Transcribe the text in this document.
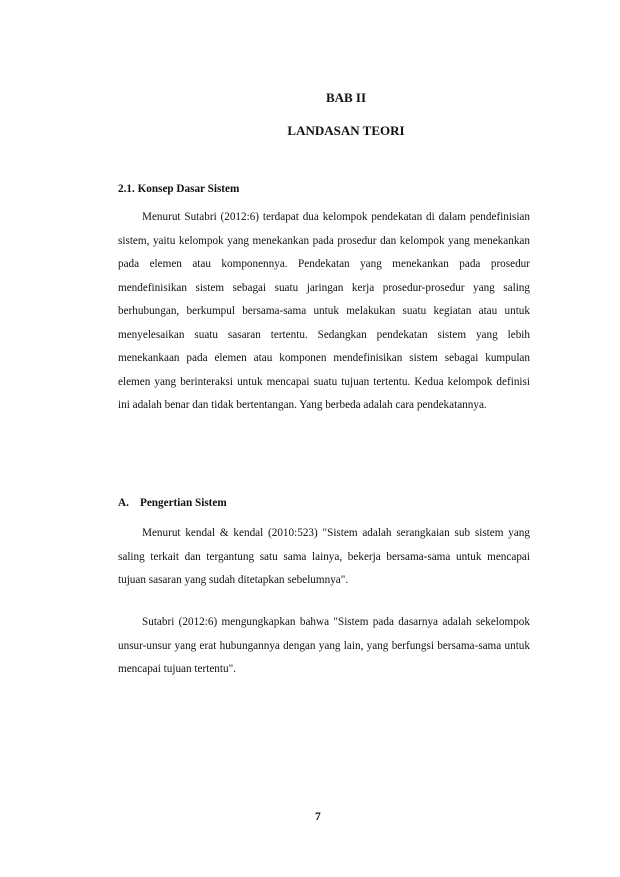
BAB II

LANDASAN TEORI

2.1. Konsep Dasar Sistem

Menurut Sutabri (2012:6) terdapat dua kelompok pendekatan di dalam pendefinisian sistem, yaitu kelompok yang menekankan pada prosedur dan kelompok yang menekankan pada elemen atau komponennya. Pendekatan yang menekankan pada prosedur mendefinisikan sistem sebagai suatu jaringan kerja prosedur-prosedur yang saling berhubungan, berkumpul bersama-sama untuk melakukan suatu kegiatan atau untuk menyelesaikan suatu sasaran tertentu. Sedangkan pendekatan sistem yang lebih menekankaan pada elemen atau komponen mendefinisikan sistem sebagai kumpulan elemen yang berinteraksi untuk mencapai suatu tujuan tertentu. Kedua kelompok definisi ini adalah benar dan tidak bertentangan. Yang berbeda adalah cara pendekatannya.

A. Pengertian Sistem

Menurut kendal & kendal (2010:523) "Sistem adalah serangkaian sub sistem yang saling terkait dan tergantung satu sama lainya, bekerja bersama-sama untuk mencapai tujuan sasaran yang sudah ditetapkan sebelumnya".

Sutabri (2012:6) mengungkapkan bahwa "Sistem pada dasarnya adalah sekelompok unsur-unsur yang erat hubungannya dengan yang lain, yang berfungsi bersama-sama untuk mencapai tujuan tertentu".

7
